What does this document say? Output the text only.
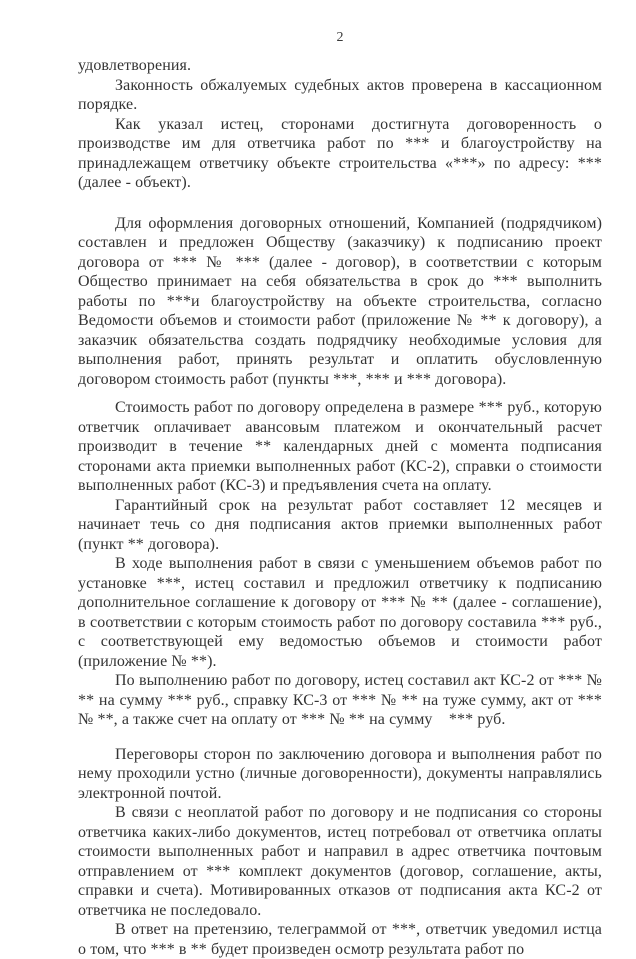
2

удовлетворения.

Законность обжалуемых судебных актов проверена в кассационном порядке.

Как указал истец, сторонами достигнута договоренность о производстве им для ответчика работ по *** и благоустройству на принадлежащем ответчику объекте строительства «***» по адресу: *** (далее - объект).

Для оформления договорных отношений, Компанией (подрядчиком) составлен и предложен Обществу (заказчику) к подписанию проект договора от *** № *** (далее - договор), в соответствии с которым Общество принимает на себя обязательства в срок до *** выполнить работы по ***и благоустройству на объекте строительства, согласно Ведомости объемов и стоимости работ (приложение № ** к договору), а заказчик обязательства создать подрядчику необходимые условия для выполнения работ, принять результат и оплатить обусловленную договором стоимость работ (пункты ***, *** и *** договора).

Стоимость работ по договору определена в размере *** руб., которую ответчик оплачивает авансовым платежом и окончательный расчет производит в течение ** календарных дней с момента подписания сторонами акта приемки выполненных работ (КС-2), справки о стоимости выполненных работ (КС-3) и предъявления счета на оплату.

Гарантийный срок на результат работ составляет 12 месяцев и начинает течь со дня подписания актов приемки выполненных работ (пункт ** договора).

В ходе выполнения работ в связи с уменьшением объемов работ по установке ***, истец составил и предложил ответчику к подписанию дополнительное соглашение к договору от *** № ** (далее - соглашение), в соответствии с которым стоимость работ по договору составила *** руб., с соответствующей ему ведомостью объемов и стоимости работ (приложение № **).

По выполнению работ по договору, истец составил акт КС-2 от *** № ** на сумму *** руб., справку КС-3 от *** № ** на туже сумму, акт от *** № **, а также счет на оплату от *** № ** на сумму    *** руб.

Переговоры сторон по заключению договора и выполнения работ по нему проходили устно (личные договоренности), документы направлялись электронной почтой.

В связи с неоплатой работ по договору и не подписания со стороны ответчика каких-либо документов, истец потребовал от ответчика оплаты стоимости выполненных работ и направил в адрес ответчика почтовым отправлением от *** комплект документов (договор, соглашение, акты, справки и счета). Мотивированных отказов от подписания акта КС-2 от ответчика не последовало.

В ответ на претензию, телеграммой от ***, ответчик уведомил истца о том, что *** в ** будет произведен осмотр результата работ по
